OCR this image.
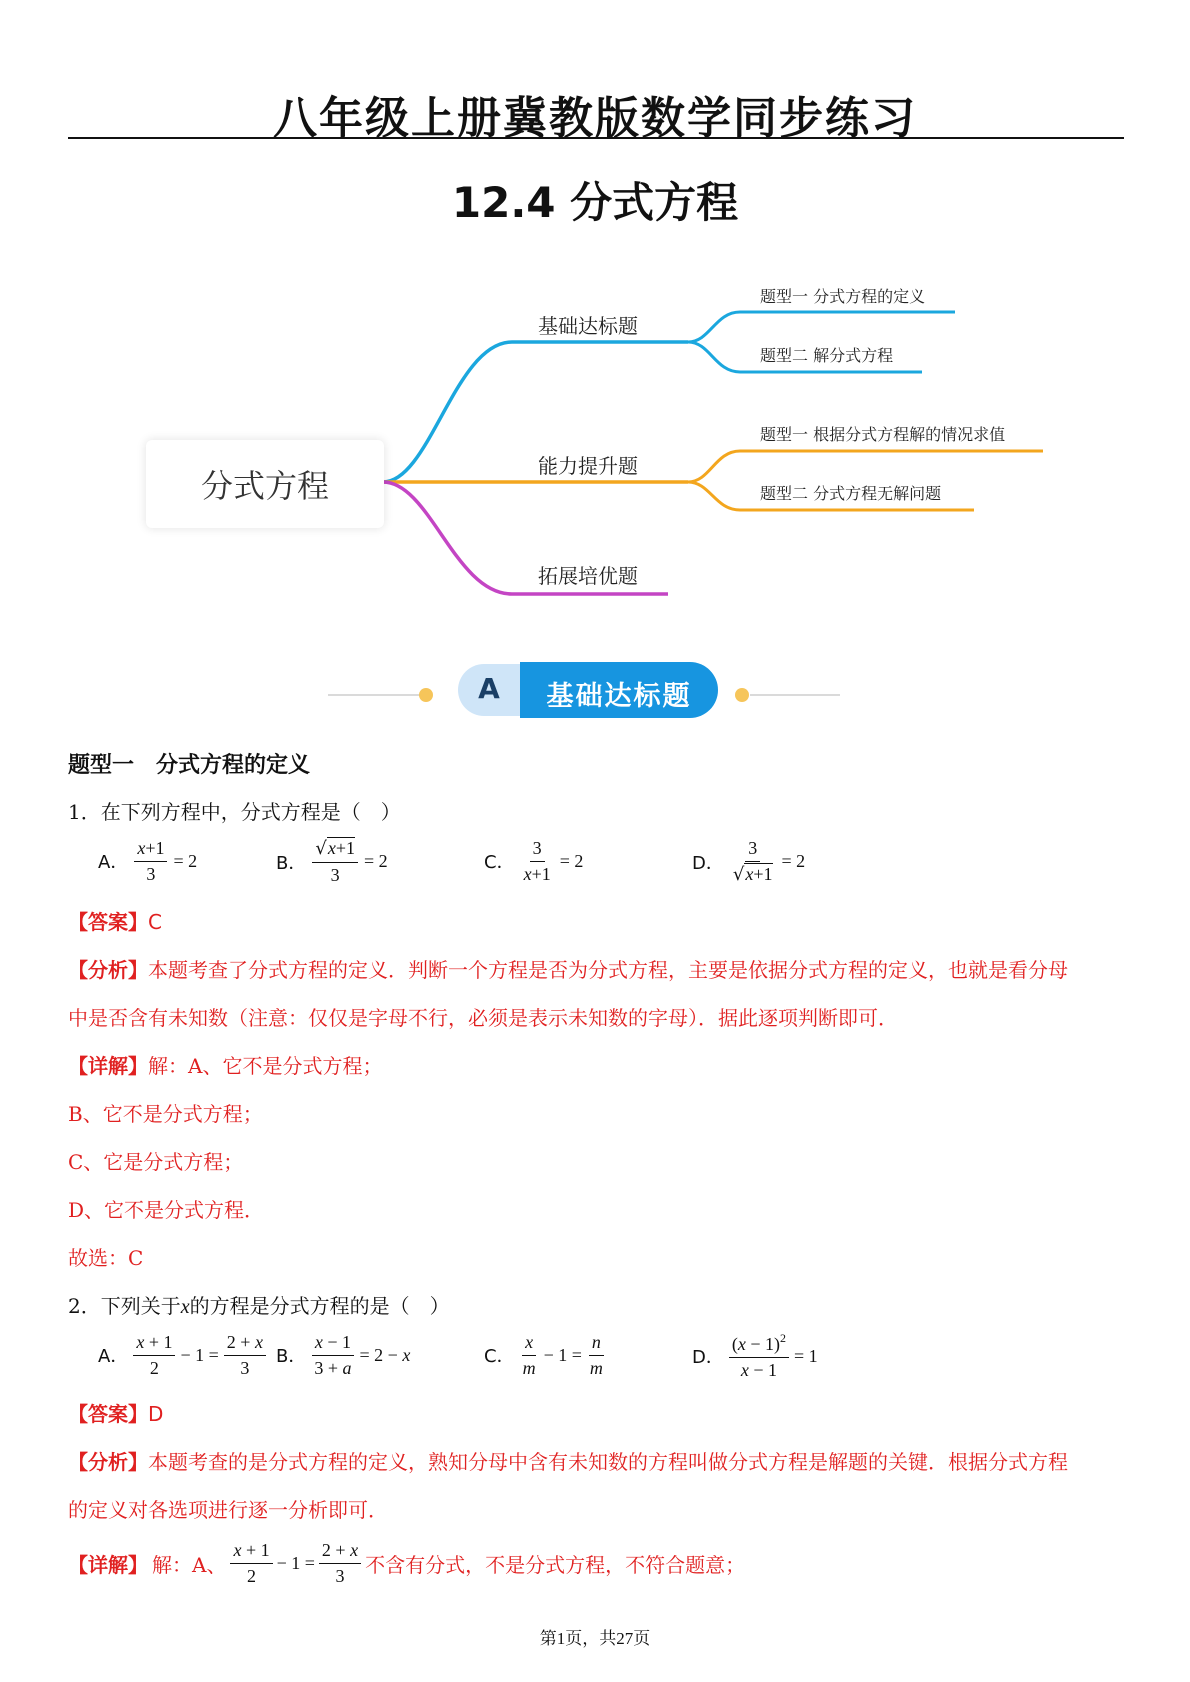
八年级上册冀教版数学同步练习
12.4 分式方程
分式方程
基础达标题
题型一 分式方程的定义
题型二 解分式方程
能力提升题
题型一 根据分式方程解的情况求值
题型二 分式方程无解问题
拓展培优题
A	基础达标题
题型一　分式方程的定义
1．在下列方程中，分式方程是（　）
A． $\frac{x+1}{3} = 2$	B． $\frac{√x+1}{3} = 2$	C． $\frac{3}{x+1} = 2$	D． $\frac{3}{√x+1} = 2$
【答案】C
【分析】本题考查了分式方程的定义．判断一个方程是否为分式方程，主要是依据分式方程的定义，也就是看分母
中是否含有未知数（注意：仅仅是字母不行，必须是表示未知数的字母）．据此逐项判断即可．
【详解】解：A、它不是分式方程；
B、它不是分式方程；
C、它是分式方程；
D、它不是分式方程．
故选：C
2．下列关于x的方程是分式方程的是（　）
A． $\frac{x + 1}{2} - 1 = \frac{2 + x}{3}$ B． $\frac{x - 1}{3 + a} = 2 - x$	C． $\frac{x}{m} - 1 = \frac{n}{m}$	D． $\frac{(x - 1)^2}{x - 1} = 1$
【答案】D
【分析】本题考查的是分式方程的定义，熟知分母中含有未知数的方程叫做分式方程是解题的关键．根据分式方程
的定义对各选项进行逐一分析即可．
【详解】 解：A、 $\frac{x + 1}{2} - 1 = \frac{2 + x}{3}$ 不含有分式，不是分式方程，不符合题意；
第1页，共27页
